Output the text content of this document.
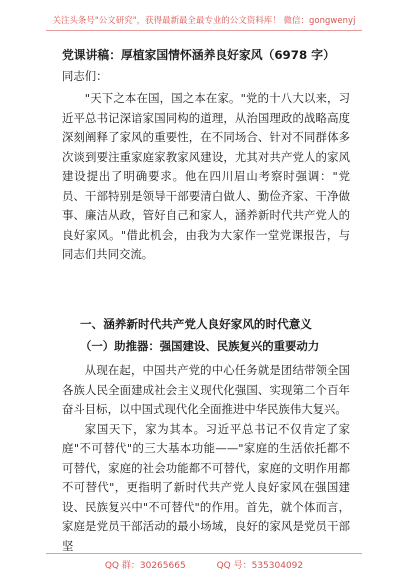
关注头条号"公文研究"，获得最新最全最专业的公文资料库！ 微信：gongwenyj
党课讲稿：厚植家国情怀涵养良好家风（6978 字）
同志们：

"天下之本在国，国之本在家。"党的十八大以来，习近平总书记深谙家国同构的道理，从治国理政的战略高度深刻阐释了家风的重要性，在不同场合、针对不同群体多次谈到要注重家庭家教家风建设，尤其对共产党人的家风建设提出了明确要求。他在四川眉山考察时强调："党员、干部特别是领导干部要清白做人、勤俭齐家、干净做事、廉洁从政，管好自己和家人，涵养新时代共产党人的良好家风。"借此机会，由我为大家作一堂党课报告，与同志们共同交流。

一、涵养新时代共产党人良好家风的时代意义
（一）助推器：强国建设、民族复兴的重要动力

从现在起，中国共产党的中心任务就是团结带领全国各族人民全面建成社会主义现代化强国、实现第二个百年奋斗目标，以中国式现代化全面推进中华民族伟大复兴。

家国天下，家为其本。习近平总书记不仅肯定了家庭"不可替代"的三大基本功能——"家庭的生活依托都不可替代，家庭的社会功能都不可替代，家庭的文明作用都不可替代"，更指明了新时代共产党人良好家风在强国建设、民族复兴中"不可替代"的作用。首先，就个体而言，家庭是党员干部活动的最小场域，良好的家风是党员干部坚

QQ 群：30265665	QQ 号：535304092
